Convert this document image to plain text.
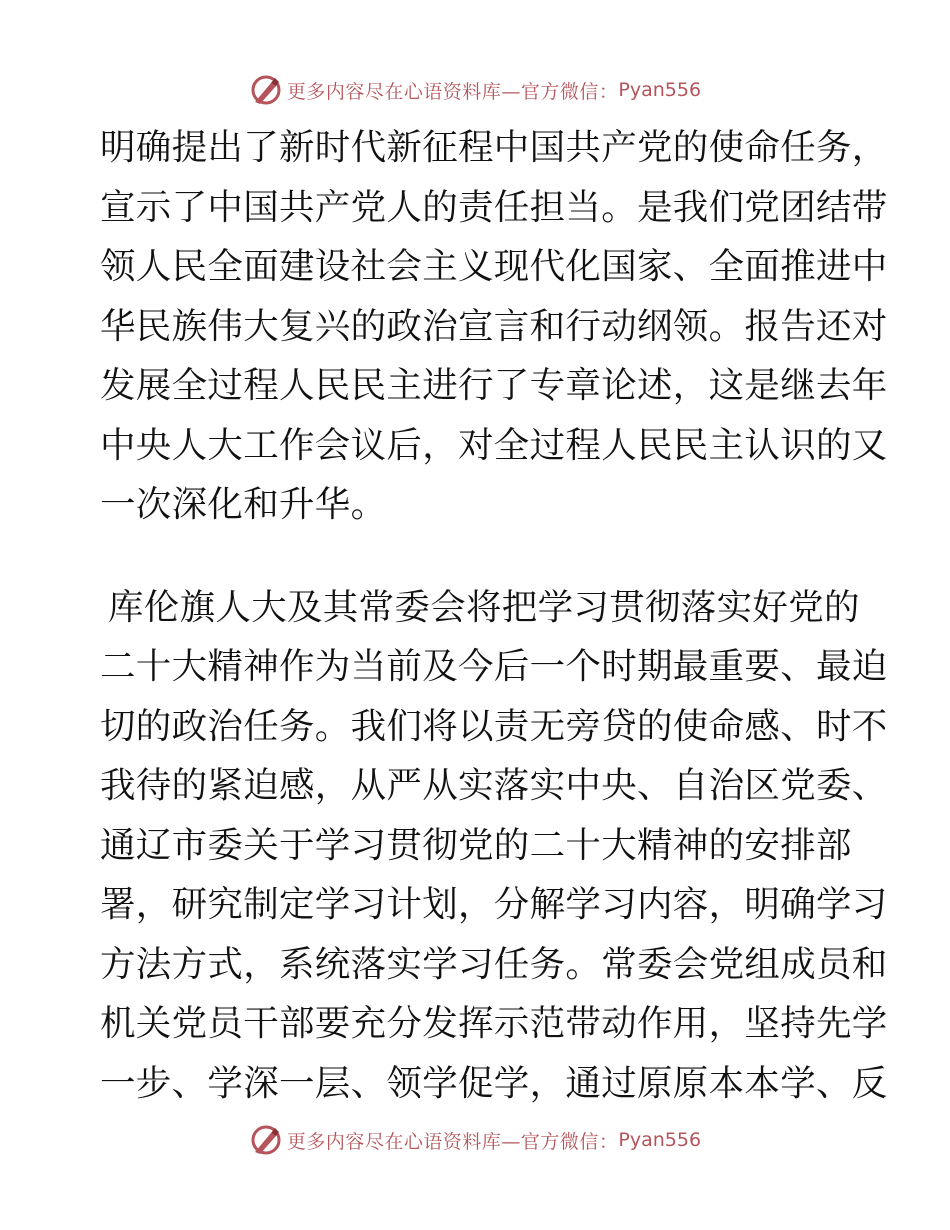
更多内容尽在心语资料库—官方微信： Pyan556
明确提出了新时代新征程中国共产党的使命任务，
宣示了中国共产党人的责任担当。是我们党团结带
领人民全面建设社会主义现代化国家、全面推进中
华民族伟大复兴的政治宣言和行动纲领。报告还对
发展全过程人民民主进行了专章论述，这是继去年
中央人大工作会议后，对全过程人民民主认识的又
一次深化和升华。
库伦旗人大及其常委会将把学习贯彻落实好党的
二十大精神作为当前及今后一个时期最重要、最迫
切的政治任务。我们将以责无旁贷的使命感、时不
我待的紧迫感，从严从实落实中央、自治区党委、
通辽市委关于学习贯彻党的二十大精神的安排部
署，研究制定学习计划，分解学习内容，明确学习
方法方式，系统落实学习任务。常委会党组成员和
机关党员干部要充分发挥示范带动作用，坚持先学
一步、学深一层、领学促学，通过原原本本学、反
更多内容尽在心语资料库—官方微信： Pyan556
